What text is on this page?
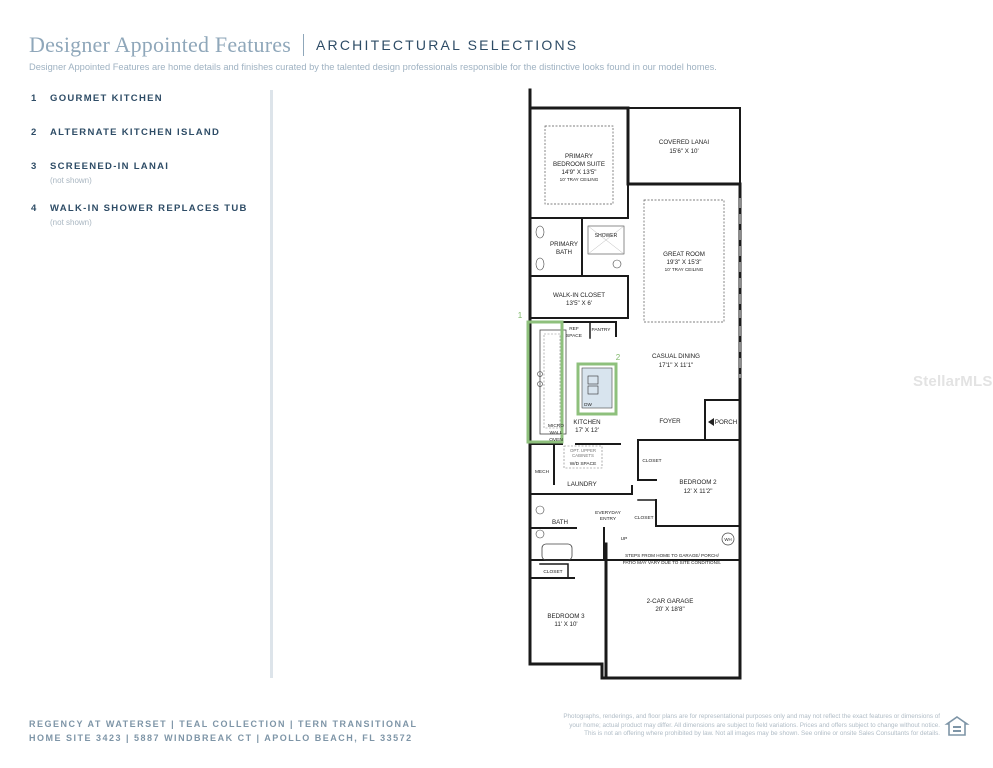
Designer Appointed Features ARCHITECTURAL SELECTIONS
Designer Appointed Features are home details and finishes curated by the talented design professionals responsible for the distinctive looks found in our model homes.
1	GOURMET KITCHEN
2	ALTERNATE KITCHEN ISLAND
3	SCREENED-IN LANAI
(not shown)
4	WALK-IN SHOWER REPLACES TUB
(not shown)
COVERED LANAI
15'6" X 10'
PRIMARY
BEDROOM SUITE
14'9" X 13'5"
10' TRAY CEILING
GREAT ROOM
19'3" X 15'3"
10' TRAY CEILING
PRIMARY
BATH
SHOWER
WALK-IN CLOSET
13'5" X 6'
REF
SPACE
PANTRY
CASUAL DINING
17'1" X 11'1"
DW
KITCHEN
17' X 12'
MICRO
WALL
OVEN
FOYER	PORCH
OPT. UPPER
CABINETS
W/D SPACE
MECH
LAUNDRY
CLOSET
BEDROOM 2
12' X 11'2"
BATH
EVERYDAY
ENTRY	CLOSET
UP	WH
STEPS FROM HOME TO GARAGE/ PORCH/
PATIO MAY VARY DUE TO SITE CONDITIONS.
CLOSET
2-CAR GARAGE
20' X 18'8"
BEDROOM 3
11' X 10'
1
2
StellarMLS
REGENCY AT WATERSET | TEAL COLLECTION | TERN TRANSITIONAL
HOME SITE 3423 | 5887 WINDBREAK CT | APOLLO BEACH, FL 33572
Photographs, renderings, and floor plans are for representational purposes only and may not reflect the exact features or dimensions of
your home; actual product may differ. All dimensions are subject to field variations. Prices and offers subject to change without notice.
This is not an offering where prohibited by law. Not all images may be shown. See online or onsite Sales Consultants for details.
